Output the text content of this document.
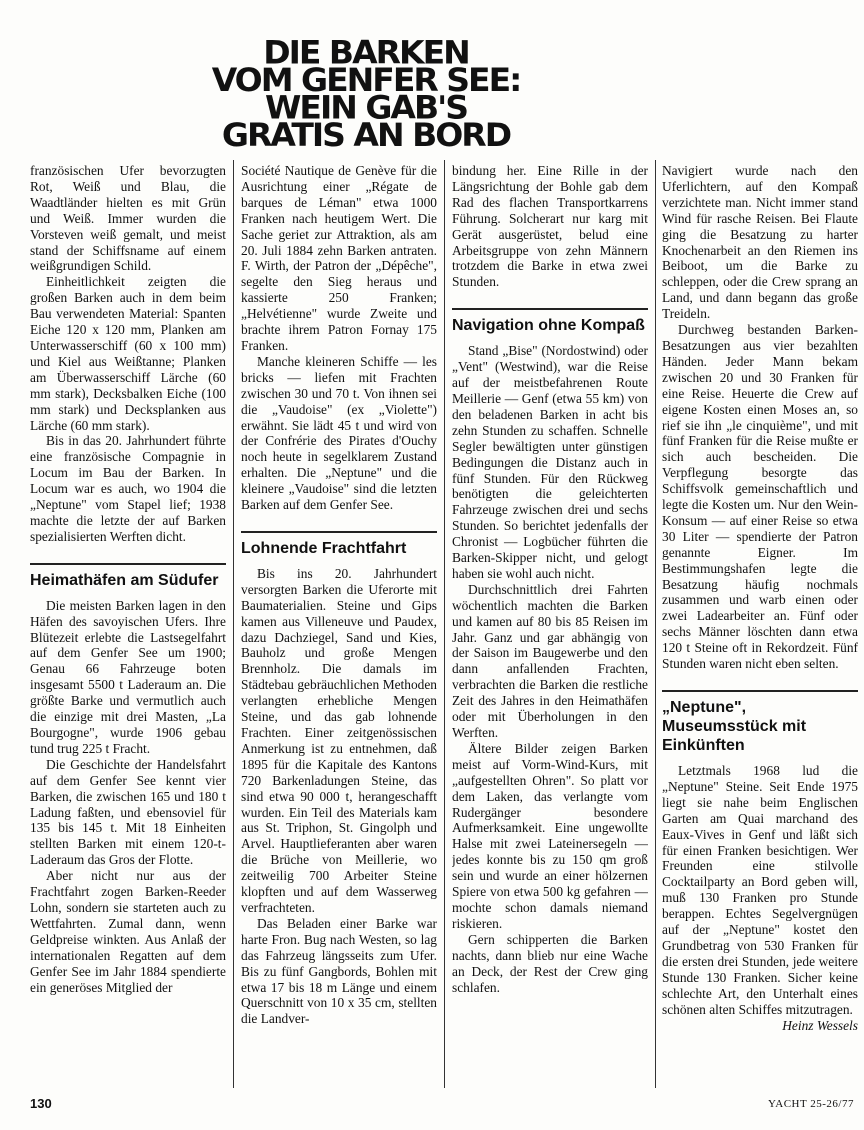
DIE BARKEN
VOM GENFER SEE:
WEIN GAB'S
GRATIS AN BORD

französischen Ufer bevorzugten Rot, Weiß und Blau, die Waadtländer hielten es mit Grün und Weiß. Immer wurden die Vorsteven weiß gemalt, und meist stand der Schiffsname auf einem weißgrundigen Schild.

Einheitlichkeit zeigten die großen Barken auch in dem beim Bau verwendeten Material: Spanten Eiche 120 x 120 mm, Planken am Unterwasserschiff (60 x 100 mm) und Kiel aus Weißtanne; Planken am Überwasserschiff Lärche (60 mm stark), Decksbalken Eiche (100 mm stark) und Decksplanken aus Lärche (60 mm stark).

Bis in das 20. Jahrhundert führte eine französische Compagnie in Locum im Bau der Barken. In Locum war es auch, wo 1904 die „Neptune" vom Stapel lief; 1938 machte die letzte der auf Barken spezialisierten Werften dicht.

Heimathäfen am Südufer

Die meisten Barken lagen in den Häfen des savoyischen Ufers. Ihre Blütezeit erlebte die Lastsegelfahrt auf dem Genfer See um 1900; Genau 66 Fahrzeuge boten insgesamt 5500 t Laderaum an. Die größte Barke und vermutlich auch die einzige mit drei Masten, „La Bourgogne", wurde 1906 gebau tund trug 225 t Fracht.

Die Geschichte der Handelsfahrt auf dem Genfer See kennt vier Barken, die zwischen 165 und 180 t Ladung faßten, und ebensoviel für 135 bis 145 t. Mit 18 Einheiten stellten Barken mit einem 120-t-Laderaum das Gros der Flotte.

Aber nicht nur aus der Frachtfahrt zogen Barken-Reeder Lohn, sondern sie starteten auch zu Wettfahrten. Zumal dann, wenn Geldpreise winkten. Aus Anlaß der internationalen Regatten auf dem Genfer See im Jahr 1884 spendierte ein generöses Mitglied der

Société Nautique de Genève für die Ausrichtung einer „Régate de barques de Léman" etwa 1000 Franken nach heutigem Wert. Die Sache geriet zur Attraktion, als am 20. Juli 1884 zehn Barken antraten. F. Wirth, der Patron der „Dépêche", segelte den Sieg heraus und kassierte 250 Franken; „Helvétienne" wurde Zweite und brachte ihrem Patron Fornay 175 Franken.

Manche kleineren Schiffe — les bricks — liefen mit Frachten zwischen 30 und 70 t. Von ihnen sei die „Vaudoise" (ex „Violette") erwähnt. Sie lädt 45 t und wird von der Confrérie des Pirates d'Ouchy noch heute in segelklarem Zustand erhalten. Die „Neptune" und die kleinere „Vaudoise" sind die letzten Barken auf dem Genfer See.

Lohnende Frachtfahrt

Bis ins 20. Jahrhundert versorgten Barken die Uferorte mit Baumaterialien. Steine und Gips kamen aus Villeneuve und Paudex, dazu Dachziegel, Sand und Kies, Bauholz und große Mengen Brennholz. Die damals im Städtebau gebräuchlichen Methoden verlangten erhebliche Mengen Steine, und das gab lohnende Frachten. Einer zeitgenössischen Anmerkung ist zu entnehmen, daß 1895 für die Kapitale des Kantons 720 Barkenladungen Steine, das sind etwa 90 000 t, herangeschafft wurden. Ein Teil des Materials kam aus St. Triphon, St. Gingolph und Arvel. Hauptlieferanten aber waren die Brüche von Meillerie, wo zeitweilig 700 Arbeiter Steine klopften und auf dem Wasserweg verfrachteten.

Das Beladen einer Barke war harte Fron. Bug nach Westen, so lag das Fahrzeug längsseits zum Ufer. Bis zu fünf Gangbords, Bohlen mit etwa 17 bis 18 m Länge und einem Querschnitt von 10 x 35 cm, stellten die Landver-

bindung her. Eine Rille in der Längsrichtung der Bohle gab dem Rad des flachen Transportkarrens Führung. Solcherart nur karg mit Gerät ausgerüstet, belud eine Arbeitsgruppe von zehn Männern trotzdem die Barke in etwa zwei Stunden.

Navigation ohne Kompaß

Stand „Bise" (Nordostwind) oder „Vent" (Westwind), war die Reise auf der meistbefahrenen Route Meillerie — Genf (etwa 55 km) von den beladenen Barken in acht bis zehn Stunden zu schaffen. Schnelle Segler bewältigten unter günstigen Bedingungen die Distanz auch in fünf Stunden. Für den Rückweg benötigten die geleichterten Fahrzeuge zwischen drei und sechs Stunden. So berichtet jedenfalls der Chronist — Logbücher führten die Barken-Skipper nicht, und gelogt haben sie wohl auch nicht.

Durchschnittlich drei Fahrten wöchentlich machten die Barken und kamen auf 80 bis 85 Reisen im Jahr. Ganz und gar abhängig von der Saison im Baugewerbe und den dann anfallenden Frachten, verbrachten die Barken die restliche Zeit des Jahres in den Heimathäfen oder mit Überholungen in den Werften.

Ältere Bilder zeigen Barken meist auf Vorm-Wind-Kurs, mit „aufgestellten Ohren". So platt vor dem Laken, das verlangte vom Rudergänger besondere Aufmerksamkeit. Eine ungewollte Halse mit zwei Lateinersegeln — jedes konnte bis zu 150 qm groß sein und wurde an einer hölzernen Spiere von etwa 500 kg gefahren — mochte schon damals niemand riskieren.

Gern schipperten die Barken nachts, dann blieb nur eine Wache an Deck, der Rest der Crew ging schlafen.

Navigiert wurde nach den Uferlichtern, auf den Kompaß verzichtete man. Nicht immer stand Wind für rasche Reisen. Bei Flaute ging die Besatzung zu harter Knochenarbeit an den Riemen ins Beiboot, um die Barke zu schleppen, oder die Crew sprang an Land, und dann begann das große Treideln.

Durchweg bestanden Barken-Besatzungen aus vier bezahlten Händen. Jeder Mann bekam zwischen 20 und 30 Franken für eine Reise. Heuerte die Crew auf eigene Kosten einen Moses an, so rief sie ihn „le cinquième", und mit fünf Franken für die Reise mußte er sich auch bescheiden. Die Verpflegung besorgte das Schiffsvolk gemeinschaftlich und legte die Kosten um. Nur den Wein-Konsum — auf einer Reise so etwa 30 Liter — spendierte der Patron genannte Eigner. Im Bestimmungshafen legte die Besatzung häufig nochmals zusammen und warb einen oder zwei Ladearbeiter an. Fünf oder sechs Männer löschten dann etwa 120 t Steine oft in Rekordzeit. Fünf Stunden waren nicht eben selten.

„Neptune", Museumsstück mit Einkünften

Letztmals 1968 lud die „Neptune" Steine. Seit Ende 1975 liegt sie nahe beim Englischen Garten am Quai marchand des Eaux-Vives in Genf und läßt sich für einen Franken besichtigen. Wer Freunden eine stilvolle Cocktailparty an Bord geben will, muß 130 Franken pro Stunde berappen. Echtes Segelvergnügen auf der „Neptune" kostet den Grundbetrag von 530 Franken für die ersten drei Stunden, jede weitere Stunde 130 Franken. Sicher keine schlechte Art, den Unterhalt eines schönen alten Schiffes mitzutragen.

Heinz Wessels

130	YACHT 25-26/77
